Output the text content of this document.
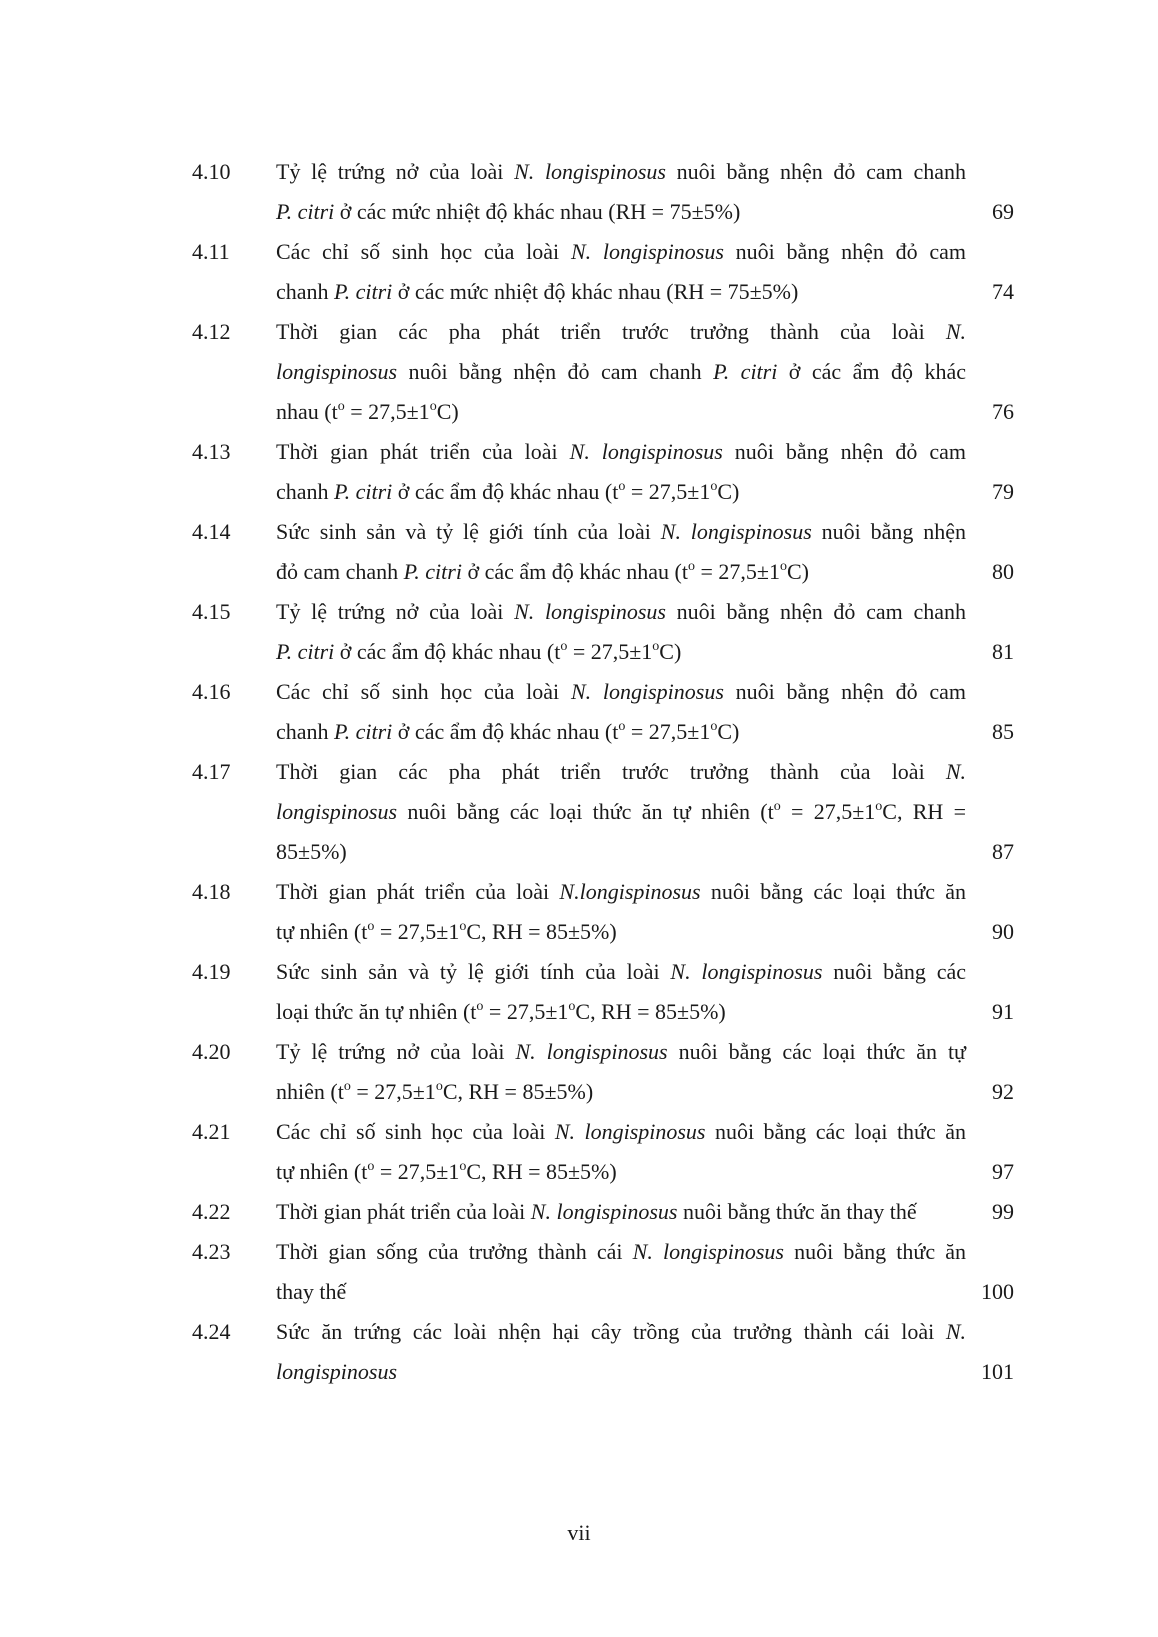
4.10 Tỷ lệ trứng nở của loài N. longispinosus nuôi bằng nhện đỏ cam chanh
P. citri ở các mức nhiệt độ khác nhau (RH = 75±5%)	69
4.11 Các chỉ số sinh học của loài N. longispinosus nuôi bằng nhện đỏ cam
chanh P. citri ở các mức nhiệt độ khác nhau (RH = 75±5%)	74
4.12 Thời gian các pha phát triển trước trưởng thành của loài N.
longispinosus nuôi bằng nhện đỏ cam chanh P. citri ở các ẩm độ khác
nhau $(t^o = 27,5\pm 1^oC)$	76
4.13 Thời gian phát triển của loài N. longispinosus nuôi bằng nhện đỏ cam
chanh P. citri ở các ẩm độ khác nhau $(t^o = 27,5\pm 1^oC)$	79
4.14 Sức sinh sản và tỷ lệ giới tính của loài N. longispinosus nuôi bằng nhện
đỏ cam chanh P. citri ở các ẩm độ khác nhau $(t^o = 27,5\pm 1^oC)$	80
4.15 Tỷ lệ trứng nở của loài N. longispinosus nuôi bằng nhện đỏ cam chanh
P. citri ở các ẩm độ khác nhau $(t^o = 27,5\pm 1^oC)$	81
4.16 Các chỉ số sinh học của loài N. longispinosus nuôi bằng nhện đỏ cam
chanh P. citri ở các ẩm độ khác nhau $(t^o = 27,5\pm 1^oC)$	85
4.17 Thời gian các pha phát triển trước trưởng thành của loài N.
longispinosus nuôi bằng các loại thức ăn tự nhiên ($t^o = 27,5\pm 1^oC$, RH =
85±5%)	87
4.18 Thời gian phát triển của loài N.longispinosus nuôi bằng các loại thức ăn
tự nhiên ($t^o = 27,5\pm 1^oC$, RH = 85±5%)	90
4.19 Sức sinh sản và tỷ lệ giới tính của loài N. longispinosus nuôi bằng các
loại thức ăn tự nhiên ($t^o = 27,5\pm 1^oC$, RH = 85±5%)	91
4.20 Tỷ lệ trứng nở của loài N. longispinosus nuôi bằng các loại thức ăn tự
nhiên ($t^o = 27,5\pm 1^oC$, RH = 85±5%)	92
4.21 Các chỉ số sinh học của loài N. longispinosus nuôi bằng các loại thức ăn
tự nhiên ($t^o = 27,5\pm 1^oC$, RH = 85±5%)	97
4.22 Thời gian phát triển của loài N. longispinosus nuôi bằng thức ăn thay thế	99
4.23 Thời gian sống của trưởng thành cái N. longispinosus nuôi bằng thức ăn
thay thế	100
4.24 Sức ăn trứng các loài nhện hại cây trồng của trưởng thành cái loài N.
longispinosus	101
vii
